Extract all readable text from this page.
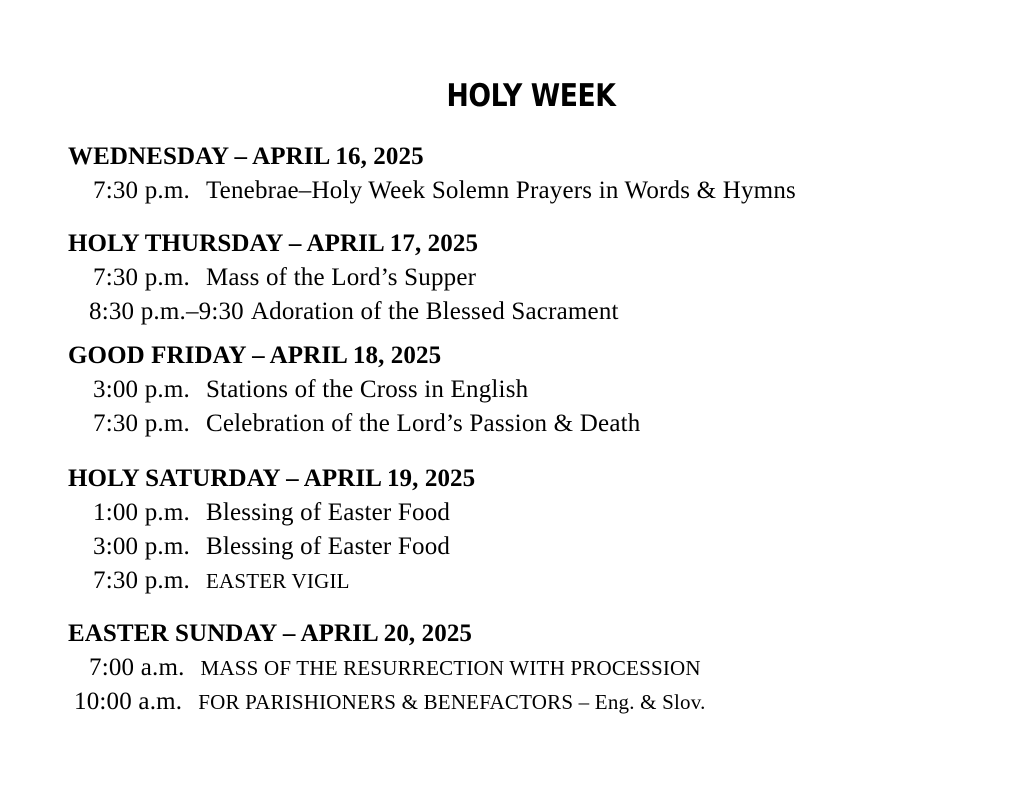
HOLY WEEK
WEDNESDAY – APRIL 16, 2025
7:30 p.m. Tenebrae–Holy Week Solemn Prayers in Words & Hymns
HOLY THURSDAY – APRIL 17, 2025
7:30 p.m. Mass of the Lord’s Supper
8:30 p.m.–9:30 Adoration of the Blessed Sacrament
GOOD FRIDAY – APRIL 18, 2025
3:00 p.m. Stations of the Cross in English
7:30 p.m. Celebration of the Lord’s Passion & Death
HOLY SATURDAY – APRIL 19, 2025
1:00 p.m. Blessing of Easter Food
3:00 p.m. Blessing of Easter Food
7:30 p.m. EASTER VIGIL
EASTER SUNDAY – APRIL 20, 2025
7:00 a.m. MASS OF THE RESURRECTION WITH PROCESSION
10:00 a.m. FOR PARISHIONERS & BENEFACTORS – Eng. & Slov.
